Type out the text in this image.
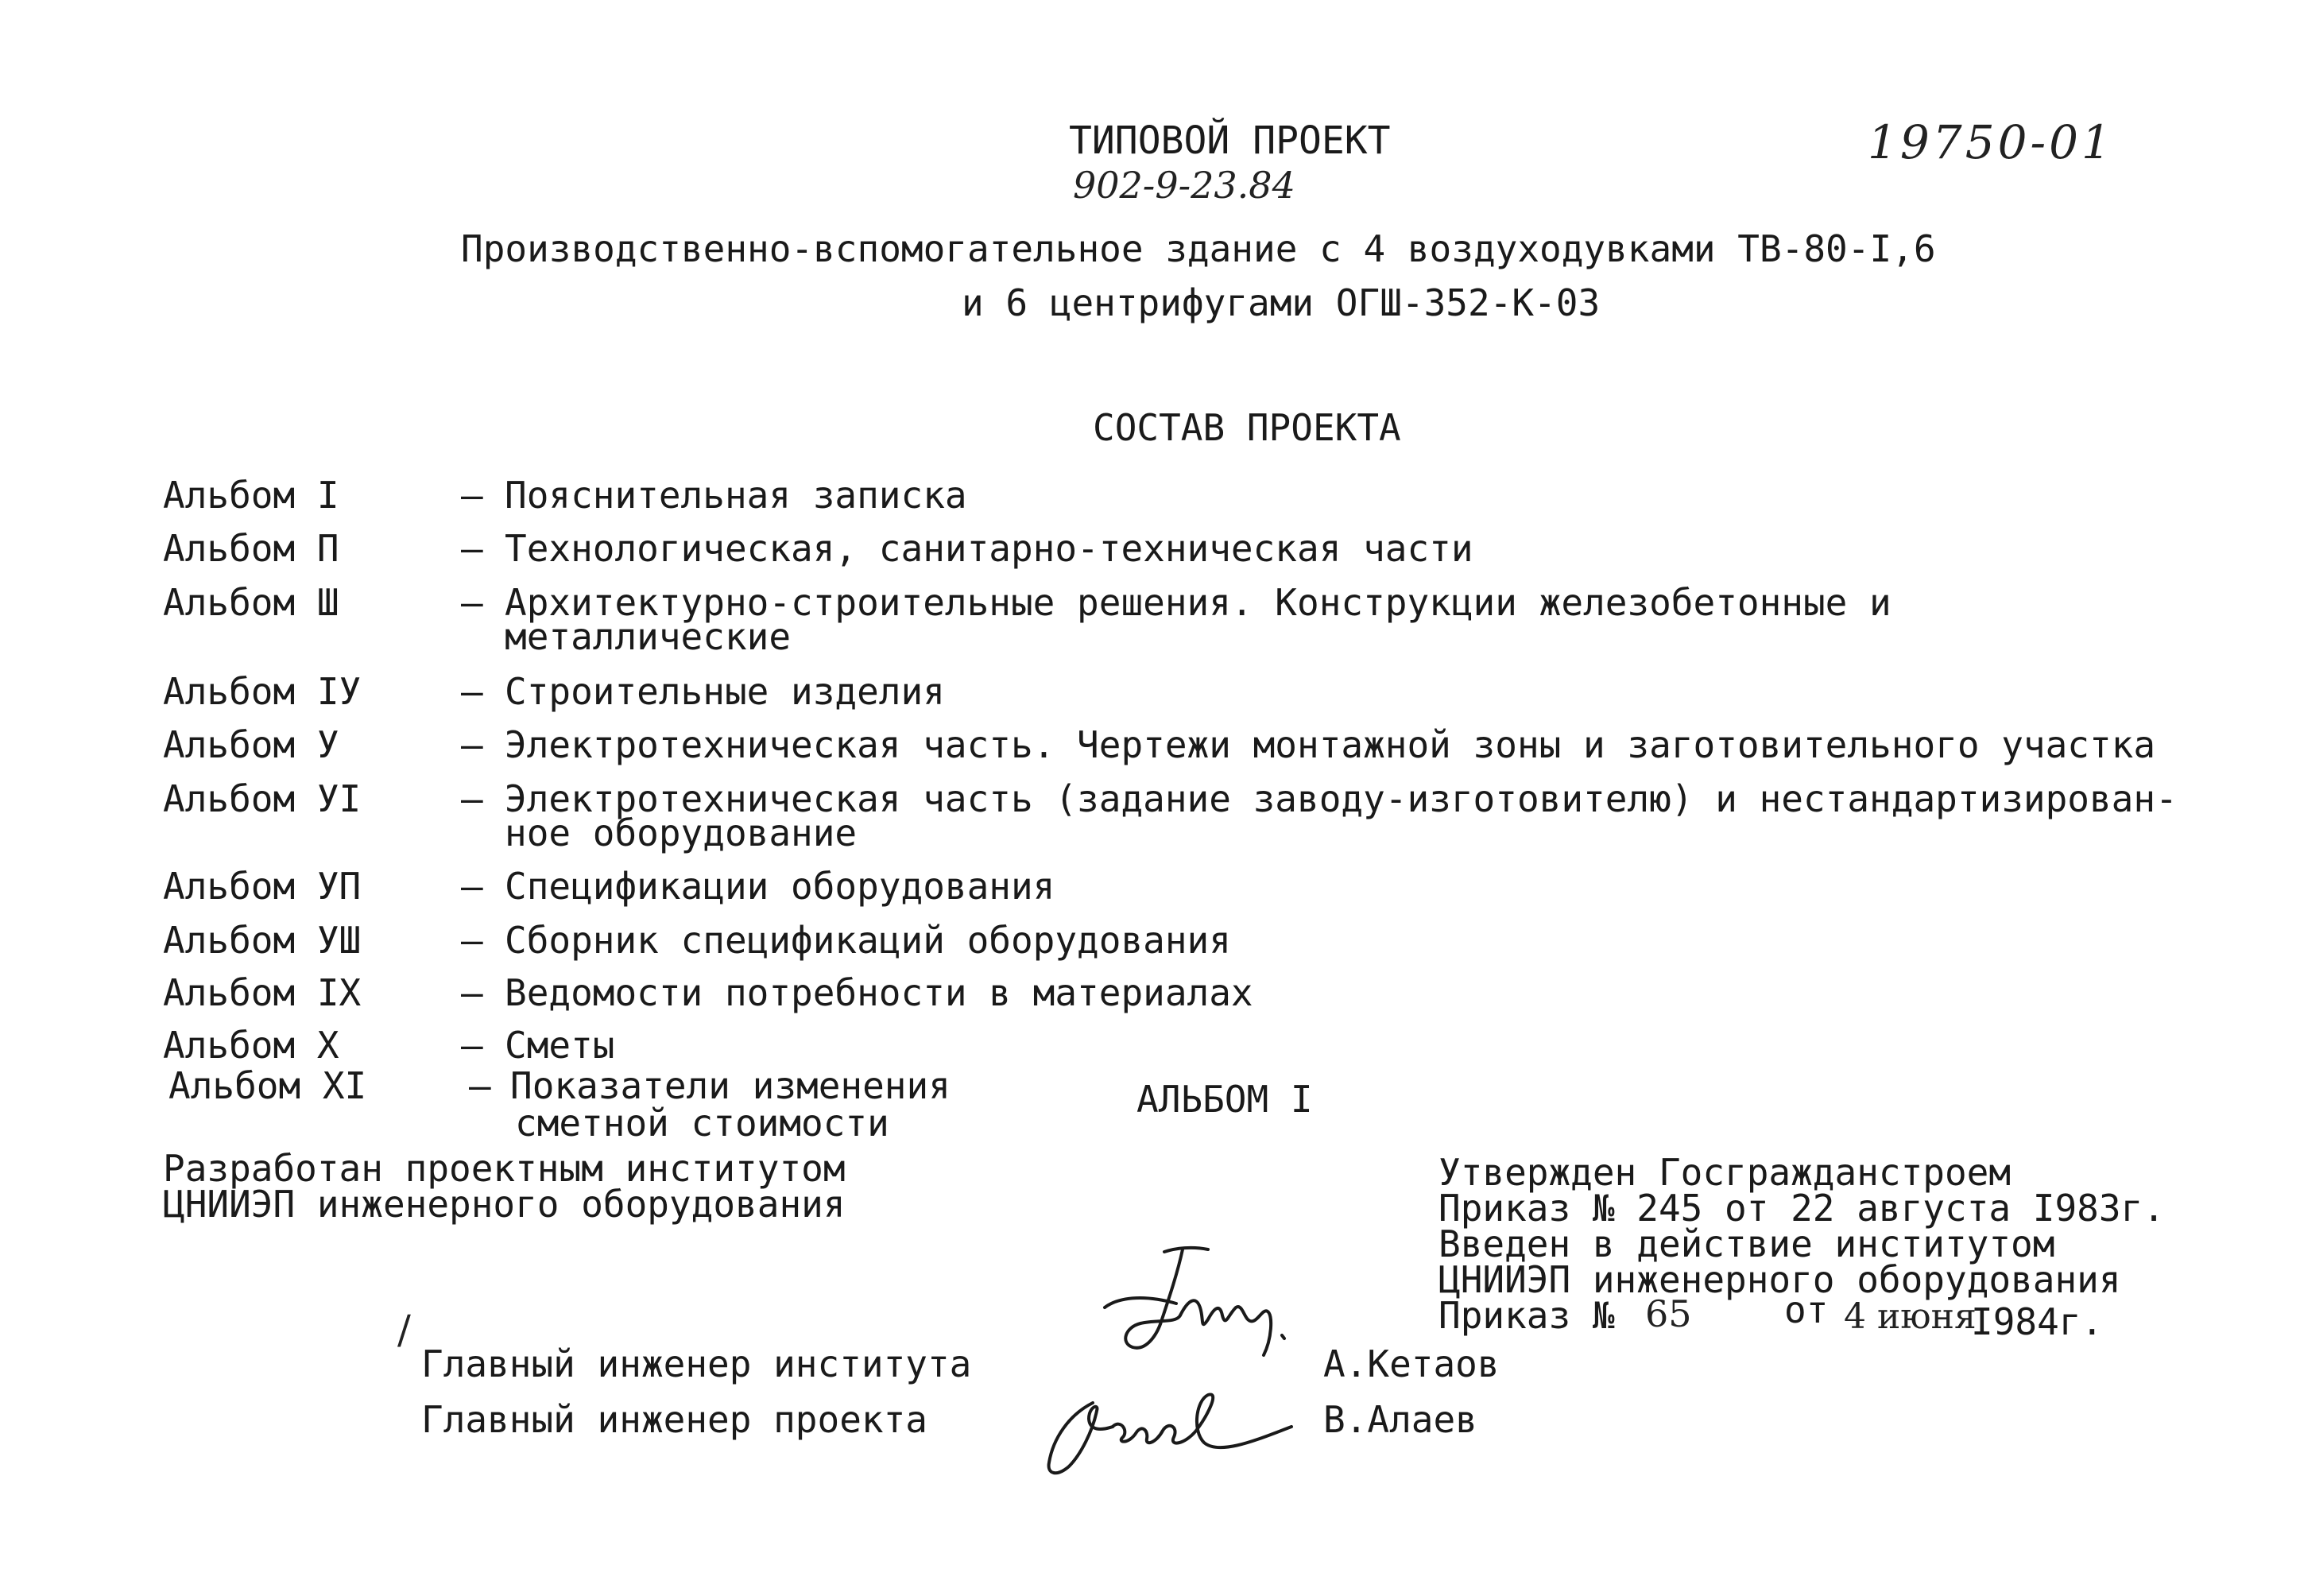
ТИПОВОЙ ПРОЕКТ
902-9-23.84
19750-01
Производственно-вспомогательное здание с 4 воздуходувками ТВ-80-I,6
и 6 центрифугами ОГШ-352-К-03
СОСТАВ ПРОЕКТА
Альбом I	– Пояснительная записка
Альбом П	– Технологическая, санитарно-техническая части
Альбом Ш	– Архитектурно-строительные решения. Конструкции железобетонные и
металлические
Альбом IУ	– Строительные изделия
Альбом У	– Электротехническая часть. Чертежи монтажной зоны и заготовительного участка
Альбом УI	– Электротехническая часть (задание заводу-изготовителю) и нестандартизирован-
ное оборудование
Альбом УП	– Спецификации оборудования
Альбом УШ	– Сборник спецификаций оборудования
Альбом IX	– Ведомости потребности в материалах
Альбом X	– Сметы
Альбом XI	– Показатели изменения
сметной стоимости
АЛЬБОМ I
Разработан проектным институтом
ЦНИИЭП инженерного оборудования
Утвержден Госгражданстроем
Приказ № 245 от 22 августа I983г.
Введен в действие институтом
ЦНИИЭП инженерного оборудования
Приказ № 65	от 4 июня
I984г.
/
Главный инженер института	А.Кетаов
Главный инженер проекта	В.Алаев
